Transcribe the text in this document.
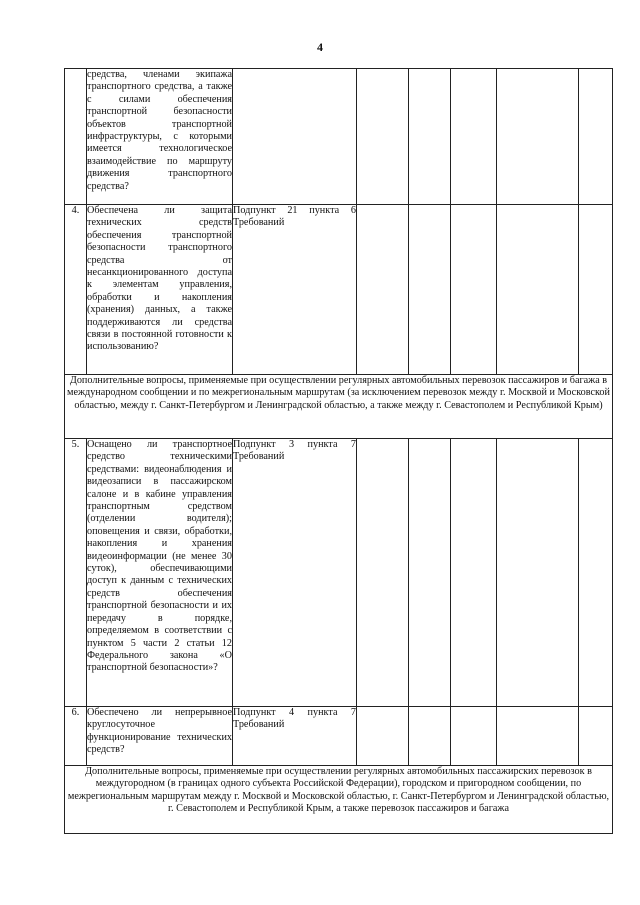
4
	средства, членами экипажа транспортного средства, а также с силами обеспечения транспортной безопасности объектов транспортной инфраструктуры, с которыми имеется технологическое взаимодействие по маршруту движения транспортного средства?						
4.	Обеспечена ли защита технических средств обеспечения транспортной безопасности транспортного средства от несанкционированного доступа к элементам управления, обработки и накопления (хранения) данных, а также поддерживаются ли средства связи в постоянной готовности к использованию?	Подпункт 21 пункта 6 Требований					
Дополнительные вопросы, применяемые при осуществлении регулярных автомобильных перевозок пассажиров и багажа в международном сообщении и по межрегиональным маршрутам (за исключением перевозок между г. Москвой и Московской областью, между г. Санкт-Петербургом и Ленинградской областью, а также между г. Севастополем и Республикой Крым)							
5.	Оснащено ли транспортное средство техническими средствами: видеонаблюдения и видеозаписи в пассажирском салоне и в кабине управления транспортным средством (отделении водителя); оповещения и связи, обработки, накопления и хранения видеоинформации (не менее 30 суток), обеспечивающими доступ к данным с технических средств обеспечения транспортной безопасности и их передачу в порядке, определяемом в соответствии с пунктом 5 части 2 статьи 12 Федерального закона «О транспортной безопасности»?	Подпункт 3 пункта 7 Требований					
6.	Обеспечено ли непрерывное круглосуточное функционирование технических средств?	Подпункт 4 пункта 7 Требований					
Дополнительные вопросы, применяемые при осуществлении регулярных автомобильных пассажирских перевозок в междугородном (в границах одного субъекта Российской Федерации), городском и пригородном сообщении, по межрегиональным маршрутам между г. Москвой и Московской областью, г. Санкт-Петербургом и Ленинградской областью, г. Севастополем и Республикой Крым, а также перевозок пассажиров и багажа							
